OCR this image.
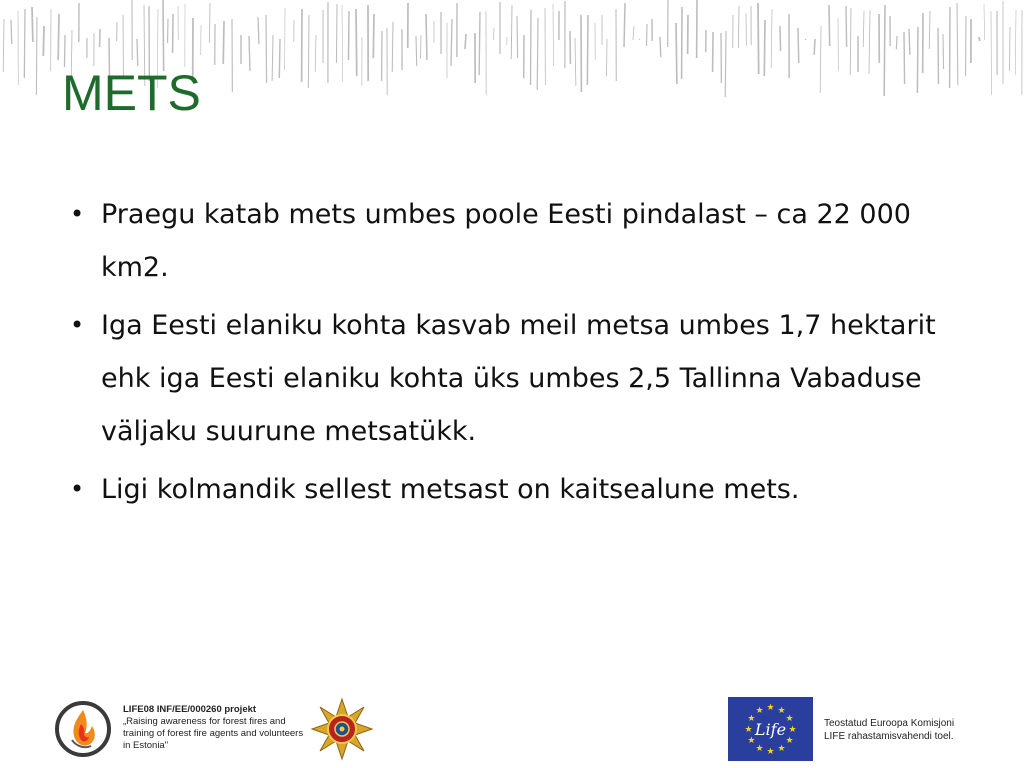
METS
• Praegu katab mets umbes poole Eesti pindalast – ca 22 000 km2.
• Iga Eesti elaniku kohta kasvab meil metsa umbes 1,7 hektarit ehk iga Eesti elaniku kohta üks umbes 2,5 Tallinna Vabaduse väljaku suurune metsatükk.
• Ligi kolmandik sellest metsast on kaitsealune mets.
LIFE08 INF/EE/000260 projekt
„Raising awareness for forest fires and training of forest fire agents and volunteers in Estonia"
★
★
★
★
★
★
★
★
★ ★ ★
★
Life	Teostatud Euroopa Komisjoni
LIFE rahastamisvahendi toel.
